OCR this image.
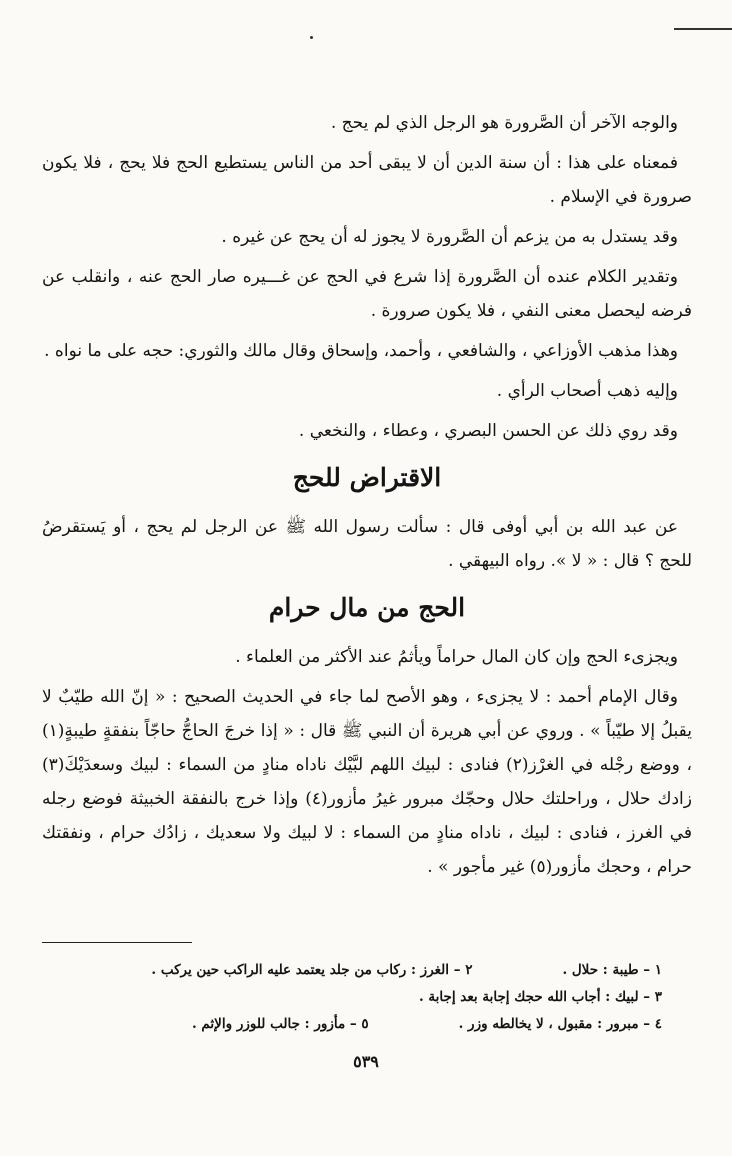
والوجه الآخر أن الصَّرورة هو الرجل الذي لم يحج .

فمعناه على هذا : أن سنة الدين أن لا يبقى أحد من الناس يستطيع الحج فلا يحج ، فلا يكون صرورة في الإسلام .

وقد يستدل به من يزعم أن الصَّرورة لا يجوز له أن يحج عن غيره .

وتقدير الكلام عنده أن الصَّرورة إذا شرع في الحج عن غـــيره صار الحج عنه ، وانقلب عن فرضه ليحصل معنى النفي ، فلا يكون صرورة .

وهذا مذهب الأوزاعي ، والشافعي ، وأحمد، وإسحاق وقال مالك والثوري: حجه على ما نواه .

وإليه ذهب أصحاب الرأي .

وقد روي ذلك عن الحسن البصري ، وعطاء ، والنخعي .

الاقتراض للحج

عن عبد الله بن أبي أوفى قال : سألت رسول الله ﷺ عن الرجل لم يحج ، أو يَستقرضُ للحج ؟ قال : « لا ». رواه البيهقي .

الحج من مال حرام

ويجزىء الحج وإن كان المال حراماً ويأثمُ عند الأكثر من العلماء .

وقال الإمام أحمد : لا يجزىء ، وهو الأصح لما جاء في الحديث الصحيح : « إنّ الله طيّبٌ لا يقبلُ إلا طيّباً » . وروي عن أبي هريرة أن النبي ﷺ قال : « إذا خرجَ الحاجُّ حاجّاً بنفقةٍ طيبةٍ(١) ، ووضع رجْله في الغرْز(٢) فنادى : لبيك اللهم لبَّيْك ناداه منادٍ من السماء : لبيك وسعدَيْكَ(٣) زادك حلال ، وراحلتك حلال وحجّك مبرور غيرُ مأزور(٤) وإذا خرج بالنفقة الخبيثة فوضع رجله في الغرز ، فنادى : لبيك ، ناداه منادٍ من السماء : لا لبيك ولا سعديك ، زادُك حرام ، ونفقتك حرام ، وحجك مأزور(٥) غير مأجور » .

١ – طيبة : حلال .
٢ – الغرز : ركاب من جلد يعتمد عليه الراكب حين يركب .
٣ – لبيك : أجاب الله حجك إجابة بعد إجابة .
٤ – مبرور : مقبول ، لا يخالطه وزر .
٥ – مأزور : جالب للوزر والإثم .
٥٣٩
